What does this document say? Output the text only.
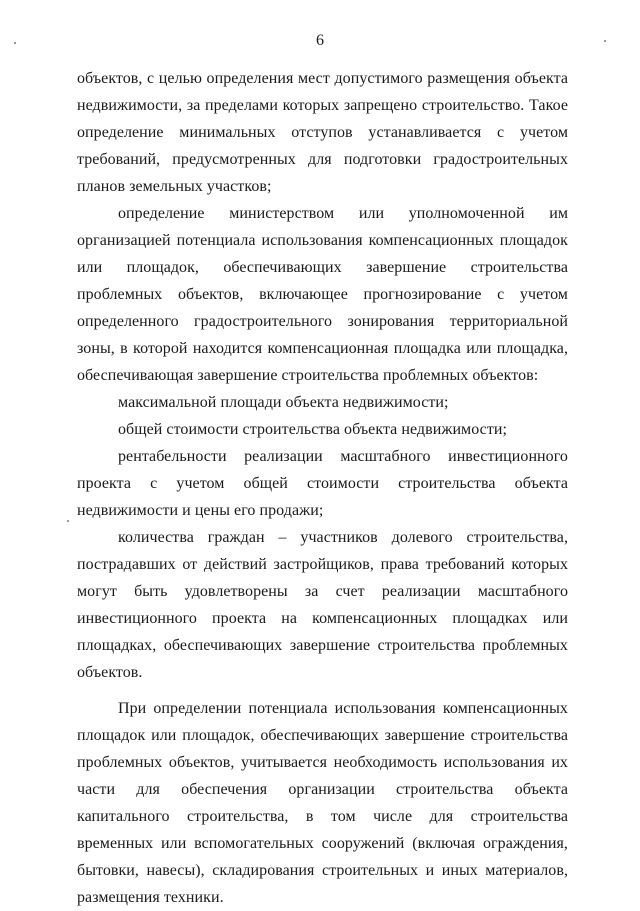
6

объектов, с целью определения мест допустимого размещения объекта недвижимости, за пределами которых запрещено строительство. Такое определение минимальных отступов устанавливается с учетом требований, предусмотренных для подготовки градостроительных планов земельных участков;

определение министерством или уполномоченной им организацией потенциала использования компенсационных площадок или площадок, обеспечивающих завершение строительства проблемных объектов, включающее прогнозирование с учетом определенного градостроительного зонирования территориальной зоны, в которой находится компенсационная площадка или площадка, обеспечивающая завершение строительства проблемных объектов:

максимальной площади объекта недвижимости;

общей стоимости строительства объекта недвижимости;

рентабельности реализации масштабного инвестиционного проекта с учетом общей стоимости строительства объекта недвижимости и цены его продажи;

количества граждан – участников долевого строительства, пострадавших от действий застройщиков, права требований которых могут быть удовлетворены за счет реализации масштабного инвестиционного проекта на компенсационных площадках или площадках, обеспечивающих завершение строительства проблемных объектов.

При определении потенциала использования компенсационных площадок или площадок, обеспечивающих завершение строительства проблемных объектов, учитывается необходимость использования их части для обеспечения организации строительства объекта капитального строительства, в том числе для строительства временных или вспомогательных сооружений (включая ограждения, бытовки, навесы), складирования строительных и иных материалов, размещения техники.
